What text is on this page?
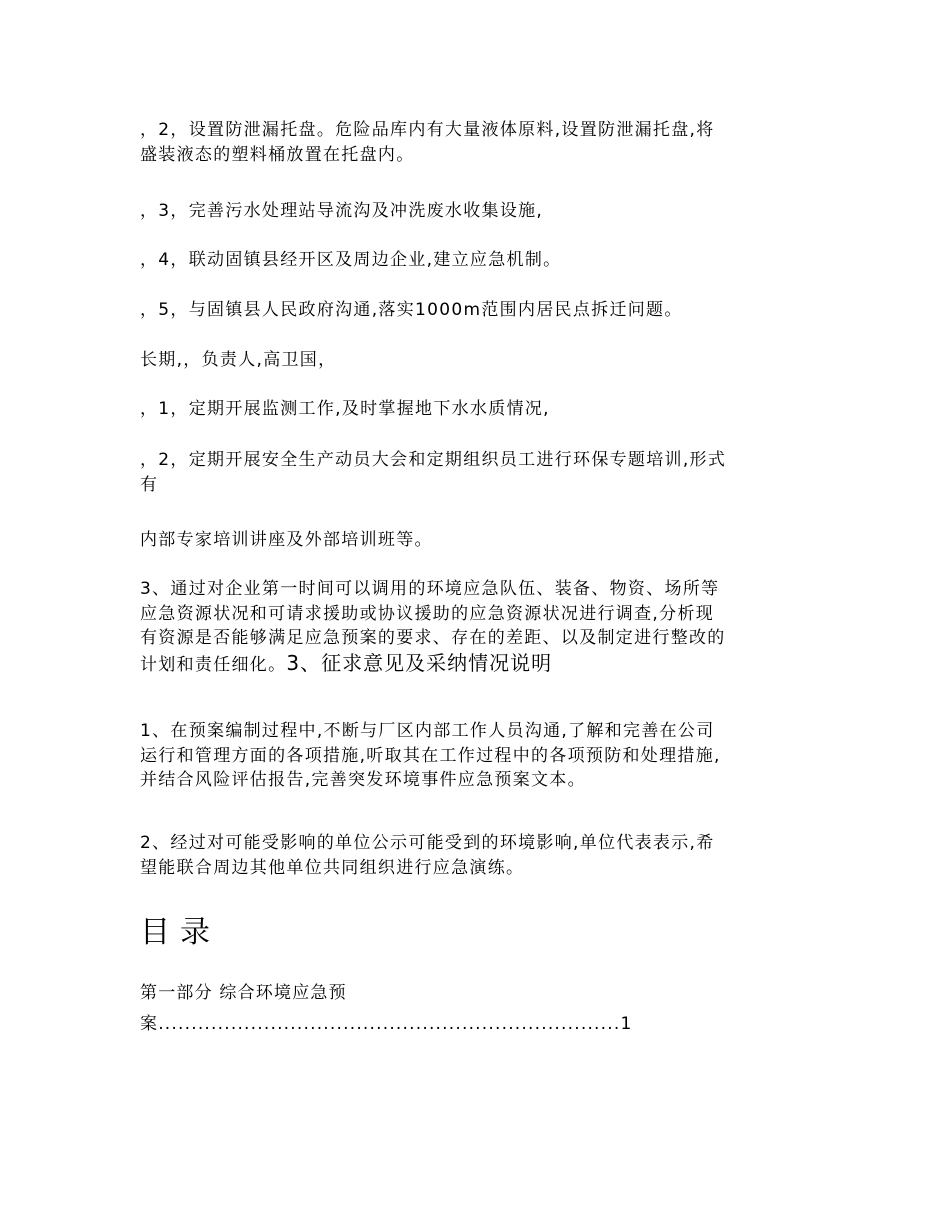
，2，设置防泄漏托盘。危险品库内有大量液体原料,设置防泄漏托盘,将
盛装液态的塑料桶放置在托盘内。
，3，完善污水处理站导流沟及冲洗废水收集设施,
，4，联动固镇县经开区及周边企业,建立应急机制。
，5，与固镇县人民政府沟通,落实1000m范围内居民点拆迁问题。
长期,，负责人,高卫国，
，1，定期开展监测工作,及时掌握地下水水质情况,
，2，定期开展安全生产动员大会和定期组织员工进行环保专题培训,形式
有
内部专家培训讲座及外部培训班等。
3、通过对企业第一时间可以调用的环境应急队伍、装备、物资、场所等
应急资源状况和可请求援助或协议援助的应急资源状况进行调查,分析现
有资源是否能够满足应急预案的要求、存在的差距、以及制定进行整改的
计划和责任细化。3、征求意见及采纳情况说明
1、在预案编制过程中,不断与厂区内部工作人员沟通,了解和完善在公司
运行和管理方面的各项措施,听取其在工作过程中的各项预防和处理措施,
并结合风险评估报告,完善突发环境事件应急预案文本。
2、经过对可能受影响的单位公示可能受到的环境影响,单位代表表示,希
望能联合周边其他单位共同组织进行应急演练。
目录
第一部分 综合环境应急预
案......................................................................1
